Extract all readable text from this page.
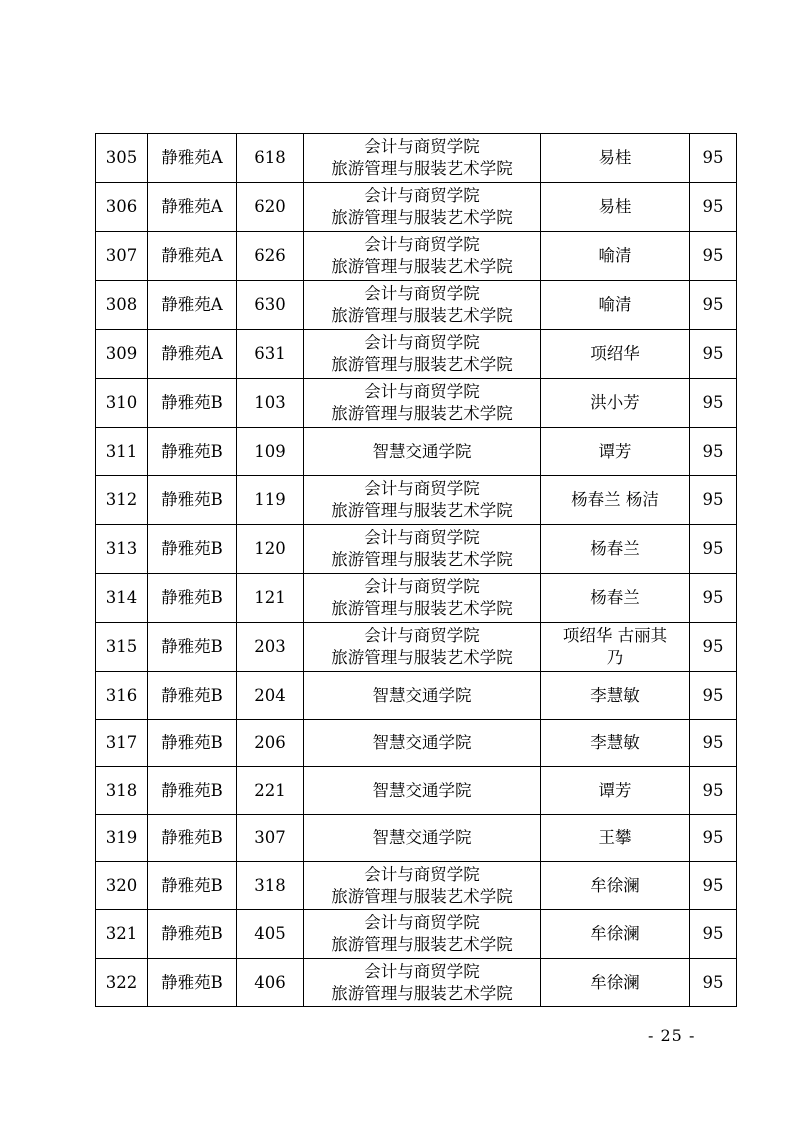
305	静雅苑A	618	会计与商贸学院
旅游管理与服装艺术学院	易桂	95
306	静雅苑A	620	会计与商贸学院
旅游管理与服装艺术学院	易桂	95
307	静雅苑A	626	会计与商贸学院
旅游管理与服装艺术学院	喻清	95
308	静雅苑A	630	会计与商贸学院
旅游管理与服装艺术学院	喻清	95
309	静雅苑A	631	会计与商贸学院
旅游管理与服装艺术学院	项绍华	95
310	静雅苑B	103	会计与商贸学院
旅游管理与服装艺术学院	洪小芳	95
311	静雅苑B	109	智慧交通学院	谭芳	95
312	静雅苑B	119	会计与商贸学院
旅游管理与服装艺术学院	杨春兰 杨洁	95
313	静雅苑B	120	会计与商贸学院
旅游管理与服装艺术学院	杨春兰	95
314	静雅苑B	121	会计与商贸学院
旅游管理与服装艺术学院	杨春兰	95
315	静雅苑B	203	会计与商贸学院
旅游管理与服装艺术学院	项绍华 古丽其
乃	95
316	静雅苑B	204	智慧交通学院	李慧敏	95
317	静雅苑B	206	智慧交通学院	李慧敏	95
318	静雅苑B	221	智慧交通学院	谭芳	95
319	静雅苑B	307	智慧交通学院	王攀	95
320	静雅苑B	318	会计与商贸学院
旅游管理与服装艺术学院	牟徐澜	95
321	静雅苑B	405	会计与商贸学院
旅游管理与服装艺术学院	牟徐澜	95
322	静雅苑B	406	会计与商贸学院
旅游管理与服装艺术学院	牟徐澜	95
- 25 -
